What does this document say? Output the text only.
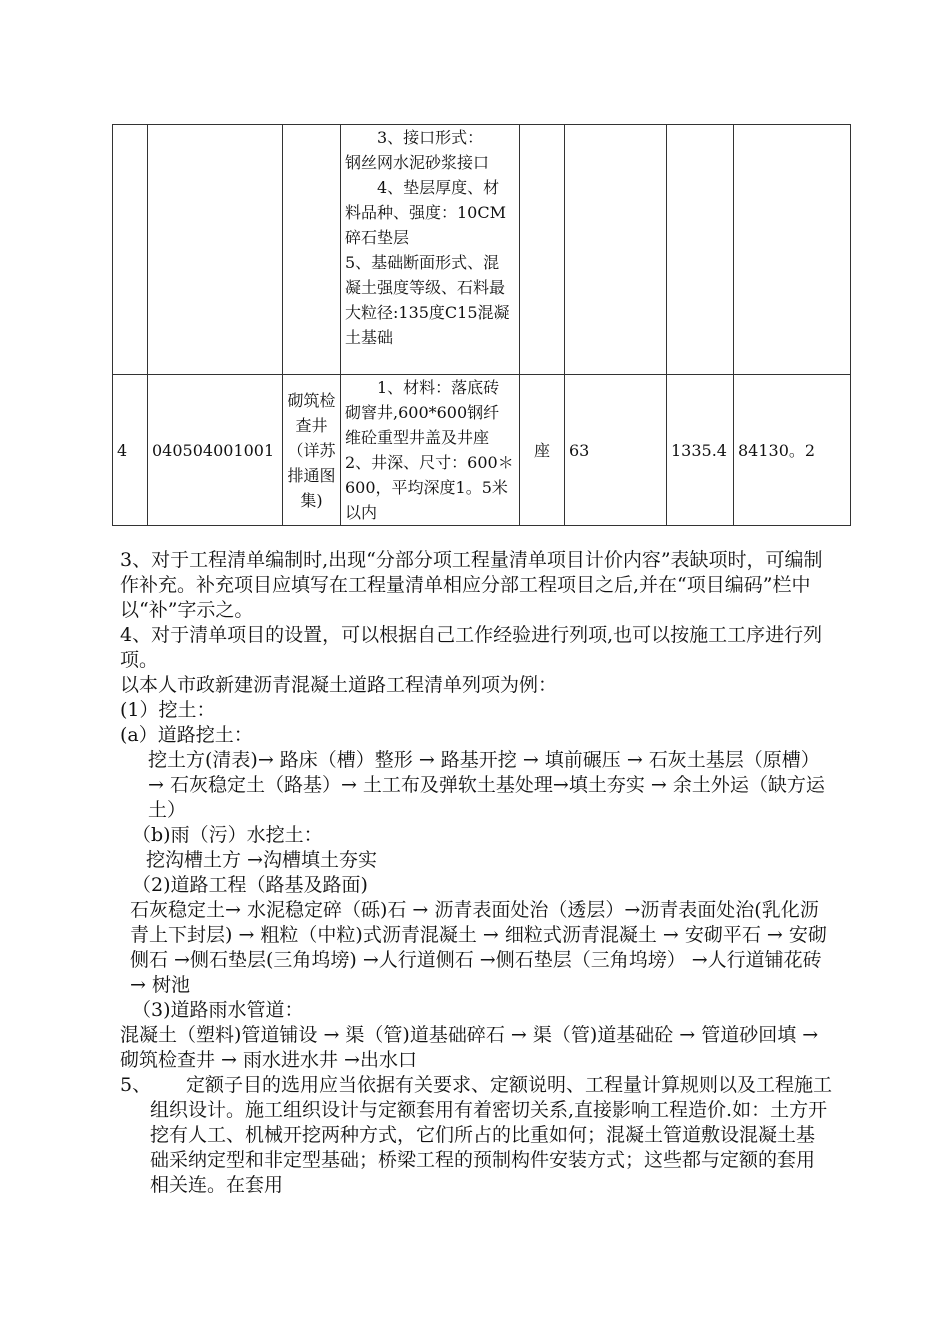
			3、接口形式：
钢丝网水泥砂浆接口
4、垫层厚度、材料品种、强度：10CM碎石垫层
5、基础断面形式、混凝土强度等级、石料最大粒径:135度C15混凝土基础				

4	040504001001	砌筑检查井（详苏排通图集)	1、材料：落底砖砌窨井,600*600钢纤维砼重型井盖及井座
2、井深、尺寸：600＊600，平均深度1。5米以内	座	63	1335.4	84130。2

3、对于工程清单编制时,出现“分部分项工程量清单项目计价内容”表缺项时，可编制作补充。补充项目应填写在工程量清单相应分部工程项目之后,并在“项目编码”栏中以“补”字示之。

4、对于清单项目的设置，可以根据自己工作经验进行列项,也可以按施工工序进行列项。

以本人市政新建沥青混凝土道路工程清单列项为例：

(1）挖土：

(a）道路挖土：

挖土方(清表)→ 路床（槽）整形 → 路基开挖 → 填前碾压 → 石灰土基层（原槽）→ 石灰稳定土（路基）→ 土工布及弹软土基处理→填土夯实 → 余土外运（缺方运土）

（b)雨（污）水挖土：

挖沟槽土方 →沟槽填土夯实

（2)道路工程（路基及路面)

石灰稳定土→ 水泥稳定碎（砾)石 → 沥青表面处治（透层）→沥青表面处治(乳化沥青上下封层) → 粗粒（中粒)式沥青混凝土 → 细粒式沥青混凝土 → 安砌平石 → 安砌侧石 →侧石垫层(三角坞塝) →人行道侧石 →侧石垫层（三角坞塝） →人行道铺花砖 → 树池

（3)道路雨水管道：

混凝土（塑料)管道铺设 → 渠（管)道基础碎石 → 渠（管)道基础砼 → 管道砂回填 → 砌筑检查井 → 雨水进水井 →出水口

5、 定额子目的选用应当依据有关要求、定额说明、工程量计算规则以及工程施工组织设计。施工组织设计与定额套用有着密切关系,直接影响工程造价.如：土方开挖有人工、机械开挖两种方式，它们所占的比重如何；混凝土管道敷设混凝土基础采纳定型和非定型基础；桥梁工程的预制构件安装方式；这些都与定额的套用相关连。在套用
